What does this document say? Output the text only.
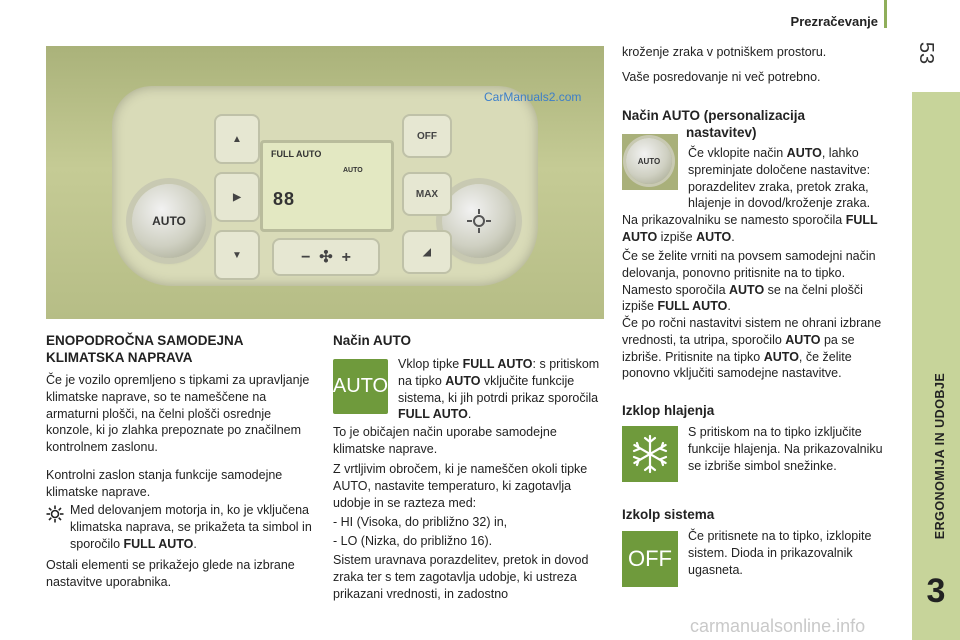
Prezračevanje
53
ERGONOMIJA IN UDOBJE
3
AUTO
▲
▶
▼
FULL AUTO
AUTO
88
OFF
MAX
◢
−  ✣  +
CarManuals2.com
ENOPODROČNA SAMODEJNA KLIMATSKA NAPRAVA

Če je vozilo opremljeno s tipkami za upravljanje klimatske naprave, so te nameščene na armaturni plošči, na čelni plošči osrednje konzole, ki jo zlahka prepoznate po značilnem kontrolnem zaslonu.

Kontrolni zaslon stanja funkcije samodejne klimatske naprave.

Med delovanjem motorja in, ko je vključena klimatska naprava, se prikažeta ta simbol in sporočilo FULL AUTO.

Ostali elementi se prikažejo glede na izbrane nastavitve uporabnika.

Način AUTO
AUTO

Vklop tipke FULL AUTO: s pritiskom na tipko AUTO vključite funkcije sistema, ki jih potrdi prikaz sporočila FULL AUTO.

To je običajen način uporabe samodejne klimatske naprave.

Z vrtljivim obročem, ki je nameščen okoli tipke AUTO, nastavite temperaturo, ki zagotavlja udobje in se razteza med:

- HI (Visoka, do približno 32) in,

- LO (Nizka, do približno 16).

Sistem uravnava porazdelitev, pretok in dovod zraka ter s tem zagotavlja udobje, ki ustreza prikazani vrednosti, in zadostno

kroženje zraka v potniškem prostoru.

Vaše posredovanje ni več potrebno.

Način AUTO (personalizacija
nastavitev)
AUTO

Če vklopite način AUTO, lahko spreminjate določene nastavitve: porazdelitev zraka, pretok zraka, hlajenje in dovod/kroženje zraka.

Na prikazovalniku se namesto sporočila FULL AUTO izpiše AUTO.

Če se želite vrniti na povsem samodejni način delovanja, ponovno pritisnite na to tipko. Namesto sporočila AUTO se na čelni plošči izpiše FULL AUTO.

Če po ročni nastavitvi sistem ne ohrani izbrane vrednosti, ta utripa, sporočilo AUTO pa se izbriše. Pritisnite na tipko AUTO, če želite ponovno vključiti samodejne nastavitve.

Izklop hlajenja

S pritiskom na to tipko izključite funkcije hlajenja. Na prikazovalniku se izbriše simbol snežinke.

Izkolp sistema
OFF

Če pritisnete na to tipko, izklopite sistem. Dioda in prikazovalnik ugasneta.

carmanualsonline.info
